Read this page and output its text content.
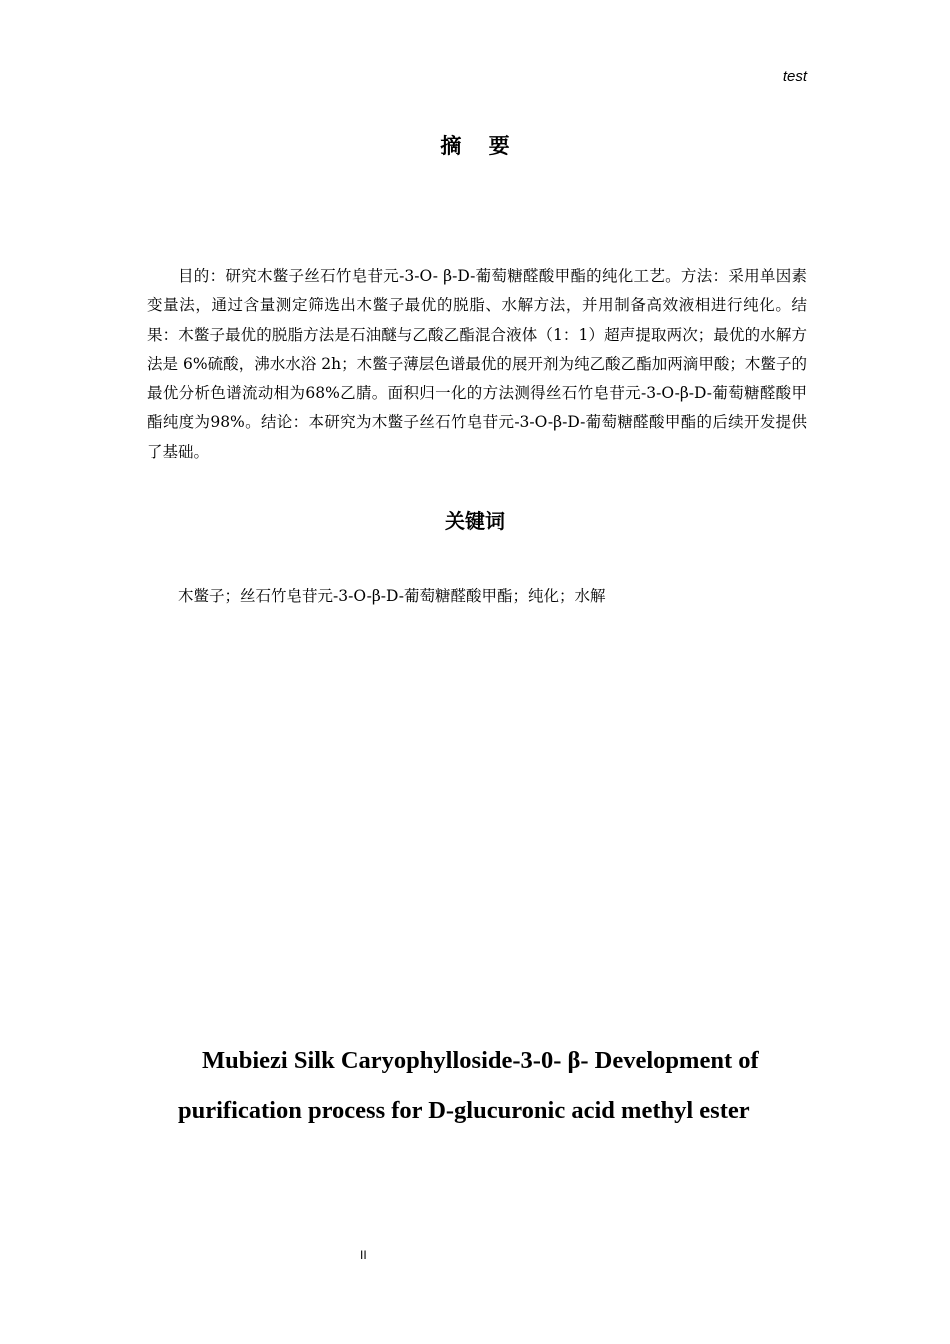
test
摘 要
目的：研究木鳖子丝石竹皂苷元-3-O- β-D-葡萄糖醛酸甲酯的纯化工艺。方法：采用单因素变量法，通过含量测定筛选出木鳖子最优的脱脂、水解方法，并用制备高效液相进行纯化。结果：木鳖子最优的脱脂方法是石油醚与乙酸乙酯混合液体（1：1）超声提取两次；最优的水解方法是 6%硫酸，沸水水浴 2h；木鳖子薄层色谱最优的展开剂为纯乙酸乙酯加两滴甲酸；木鳖子的最优分析色谱流动相为68%乙腈。面积归一化的方法测得丝石竹皂苷元-3-O-β-D-葡萄糖醛酸甲酯纯度为98%。结论：本研究为木鳖子丝石竹皂苷元-3-O-β-D-葡萄糖醛酸甲酯的后续开发提供了基础。
关键词
木鳖子；丝石竹皂苷元-3-O-β-D-葡萄糖醛酸甲酯；纯化；水解
Mubiezi Silk Caryophylloside-3-0- β- Development of
purification process for D-glucuronic acid methyl ester
II
